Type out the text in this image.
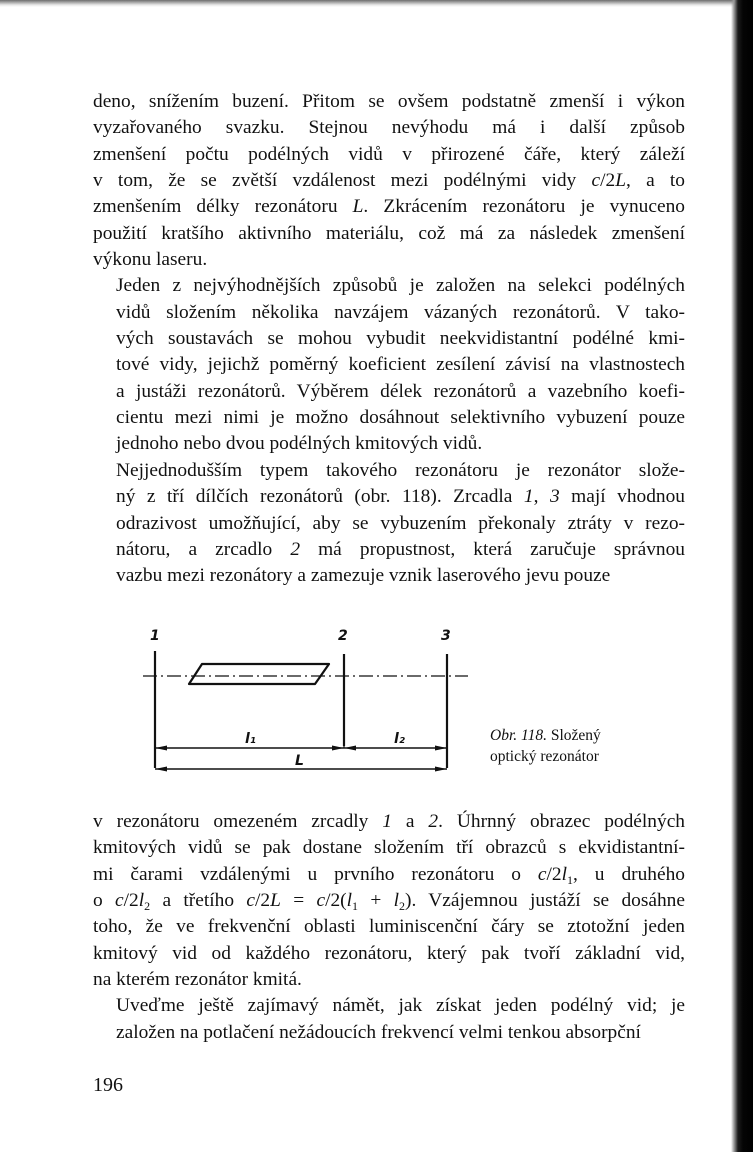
deno, snížením buzení. Přitom se ovšem podstatně zmenší i výkon
vyzařovaného svazku. Stejnou nevýhodu má i další způsob
zmenšení počtu podélných vidů v přirozené čáře, který záleží
v tom, že se zvětší vzdálenost mezi podélnými vidy c/2L, a to
zmenšením délky rezonátoru L. Zkrácením rezonátoru je vynuceno
použití kratšího aktivního materiálu, což má za následek zmenšení
výkonu laseru.

Jeden z nejvýhodnějších způsobů je založen na selekci podélných
vidů složením několika navzájem vázaných rezonátorů. V tako-
vých soustavách se mohou vybudit neekvidistantní podélné kmi-
tové vidy, jejichž poměrný koeficient zesílení závisí na vlastnostech
a justáži rezonátorů. Výběrem délek rezonátorů a vazebního koefi-
cientu mezi nimi je možno dosáhnout selektivního vybuzení pouze
jednoho nebo dvou podélných kmitových vidů.

Nejjednodušším typem takového rezonátoru je rezonátor slože-
ný z tří dílčích rezonátorů (obr. 118). Zrcadla 1, 3 mají vhodnou
odrazivost umožňující, aby se vybuzením překonaly ztráty v rezo-
nátoru, a zrcadlo 2 má propustnost, která zaručuje správnou
vazbu mezi rezonátory a zamezuje vznik laserového jevu pouze

1	2	3
l₁	l₂
L
Obr. 118. Složený
optický rezonátor

v rezonátoru omezeném zrcadly 1 a 2. Úhrnný obrazec podélných
kmitových vidů se pak dostane složením tří obrazců s ekvidistantní-
mi čarami vzdálenými u prvního rezonátoru o $c/2l_1$, u druhého
o $c/2l_2$ a třetího $c/2L = c/2(l_1 + l_2)$. Vzájemnou justáží se dosáhne
toho, že ve frekvenční oblasti luminiscenční čáry se ztotožní jeden
kmitový vid od každého rezonátoru, který pak tvoří základní vid,
na kterém rezonátor kmitá.

Uveďme ještě zajímavý námět, jak získat jeden podélný vid; je
založen na potlačení nežádoucích frekvencí velmi tenkou absorpční

196
